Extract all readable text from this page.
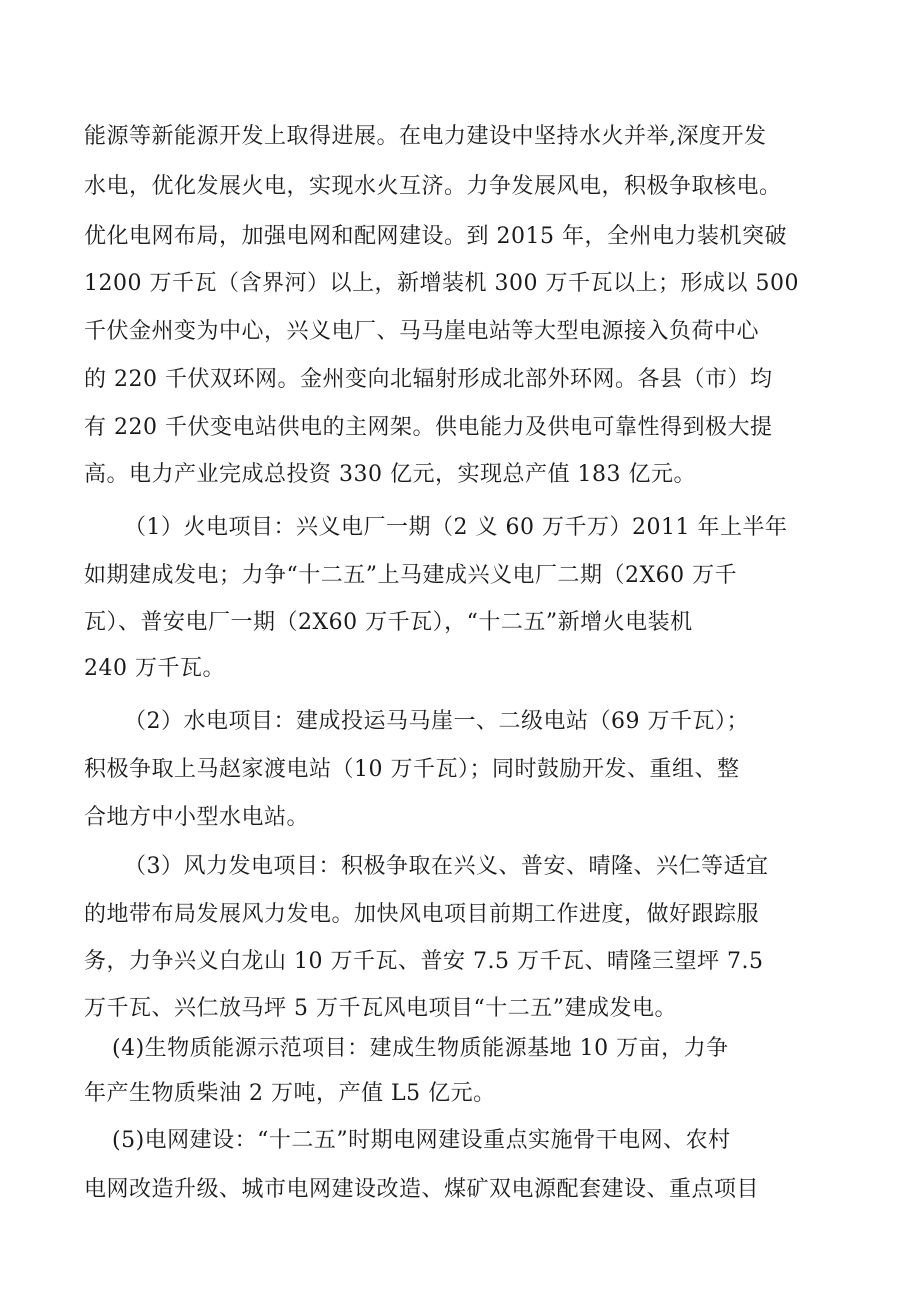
能源等新能源开发上取得进展。在电力建设中坚持水火并举,深度开发
水电，优化发展火电，实现水火互济。力争发展风电，积极争取核电。
优化电网布局，加强电网和配网建设。到 2015 年，全州电力装机突破
1200 万千瓦（含界河）以上，新增装机 300 万千瓦以上；形成以 500
千伏金州变为中心，兴义电厂、马马崖电站等大型电源接入负荷中心
的 220 千伏双环网。金州变向北辐射形成北部外环网。各县（市）均
有 220 千伏变电站供电的主网架。供电能力及供电可靠性得到极大提
高。电力产业完成总投资 330 亿元，实现总产值 183 亿元。
（1）火电项目：兴义电厂一期（2 义 60 万千万）2011 年上半年
如期建成发电；力争“十二五”上马建成兴义电厂二期（2X60 万千
瓦）、普安电厂一期（2X60 万千瓦），“十二五”新增火电装机
240 万千瓦。
（2）水电项目：建成投运马马崖一、二级电站（69 万千瓦）；
积极争取上马赵家渡电站（10 万千瓦）；同时鼓励开发、重组、整
合地方中小型水电站。
（3）风力发电项目：积极争取在兴义、普安、晴隆、兴仁等适宜
的地带布局发展风力发电。加快风电项目前期工作进度，做好跟踪服
务，力争兴义白龙山 10 万千瓦、普安 7.5 万千瓦、晴隆三望坪 7.5
万千瓦、兴仁放马坪 5 万千瓦风电项目“十二五”建成发电。
(4)生物质能源示范项目：建成生物质能源基地 10 万亩，力争
年产生物质柴油 2 万吨，产值 L5 亿元。
(5)电网建设：“十二五”时期电网建设重点实施骨干电网、农村
电网改造升级、城市电网建设改造、煤矿双电源配套建设、重点项目
